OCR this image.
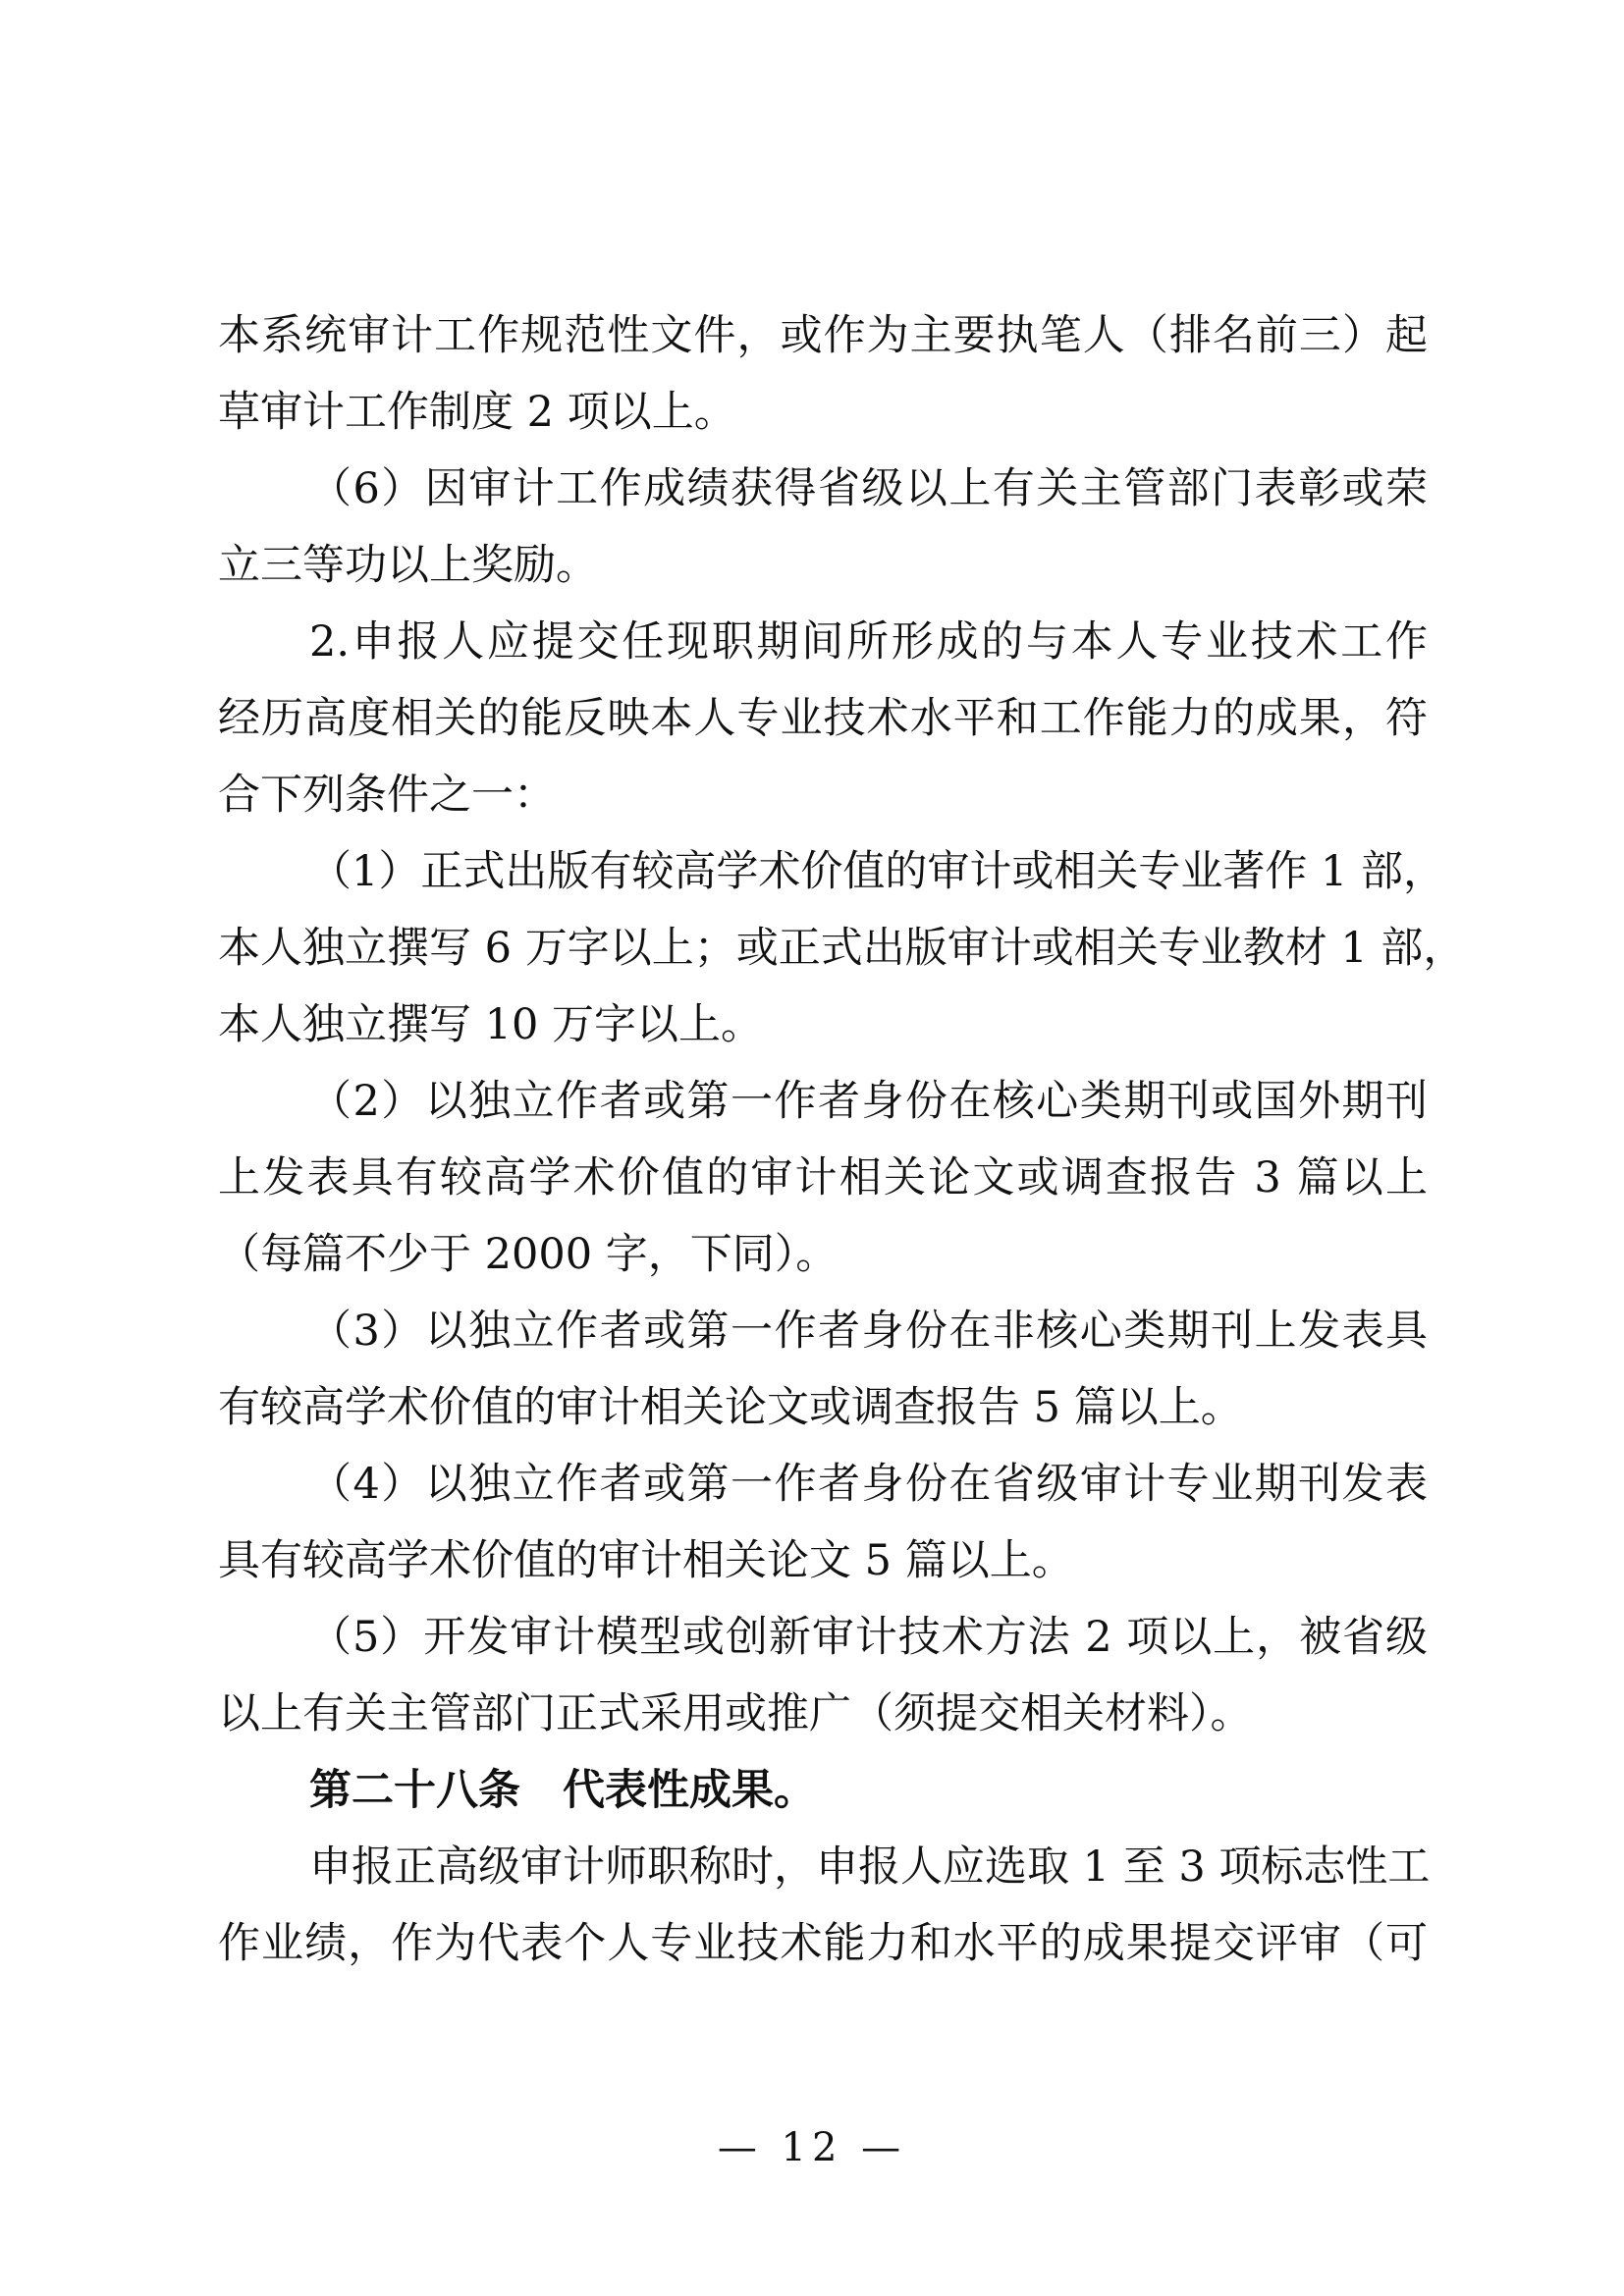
本系统审计工作规范性文件，或作为主要执笔人（排名前三）起
草审计工作制度 2 项以上。
（6）因审计工作成绩获得省级以上有关主管部门表彰或荣
立三等功以上奖励。
2.申报人应提交任现职期间所形成的与本人专业技术工作
经历高度相关的能反映本人专业技术水平和工作能力的成果，符
合下列条件之一：
（1）正式出版有较高学术价值的审计或相关专业著作 1 部，
本人独立撰写 6 万字以上；或正式出版审计或相关专业教材 1 部，
本人独立撰写 10 万字以上。
（2）以独立作者或第一作者身份在核心类期刊或国外期刊
上发表具有较高学术价值的审计相关论文或调查报告 3 篇以上
（每篇不少于 2000 字，下同）。
（3）以独立作者或第一作者身份在非核心类期刊上发表具
有较高学术价值的审计相关论文或调查报告 5 篇以上。
（4）以独立作者或第一作者身份在省级审计专业期刊发表
具有较高学术价值的审计相关论文 5 篇以上。
（5）开发审计模型或创新审计技术方法 2 项以上，被省级
以上有关主管部门正式采用或推广（须提交相关材料）。
第二十八条　代表性成果。
申报正高级审计师职称时，申报人应选取 1 至 3 项标志性工
作业绩，作为代表个人专业技术能力和水平的成果提交评审（可
— 12 —
